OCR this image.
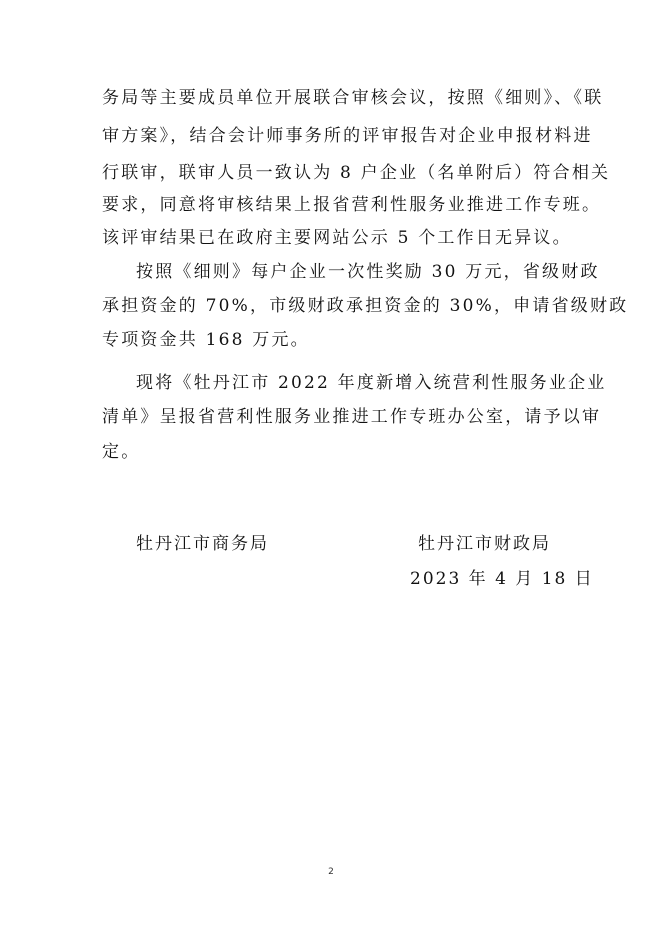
务局等主要成员单位开展联合审核会议，按照《细则》、《联
审方案》，结合会计师事务所的评审报告对企业申报材料进
行联审，联审人员一致认为 8 户企业（名单附后）符合相关
要求，同意将审核结果上报省营利性服务业推进工作专班。
该评审结果已在政府主要网站公示 5 个工作日无异议。
按照《细则》每户企业一次性奖励 30 万元，省级财政
承担资金的 70%，市级财政承担资金的 30%，申请省级财政
专项资金共 168 万元。
现将《牡丹江市 2022 年度新增入统营利性服务业企业
清单》呈报省营利性服务业推进工作专班办公室，请予以审
定。
牡丹江市商务局	牡丹江市财政局
2023 年 4 月 18 日
2
